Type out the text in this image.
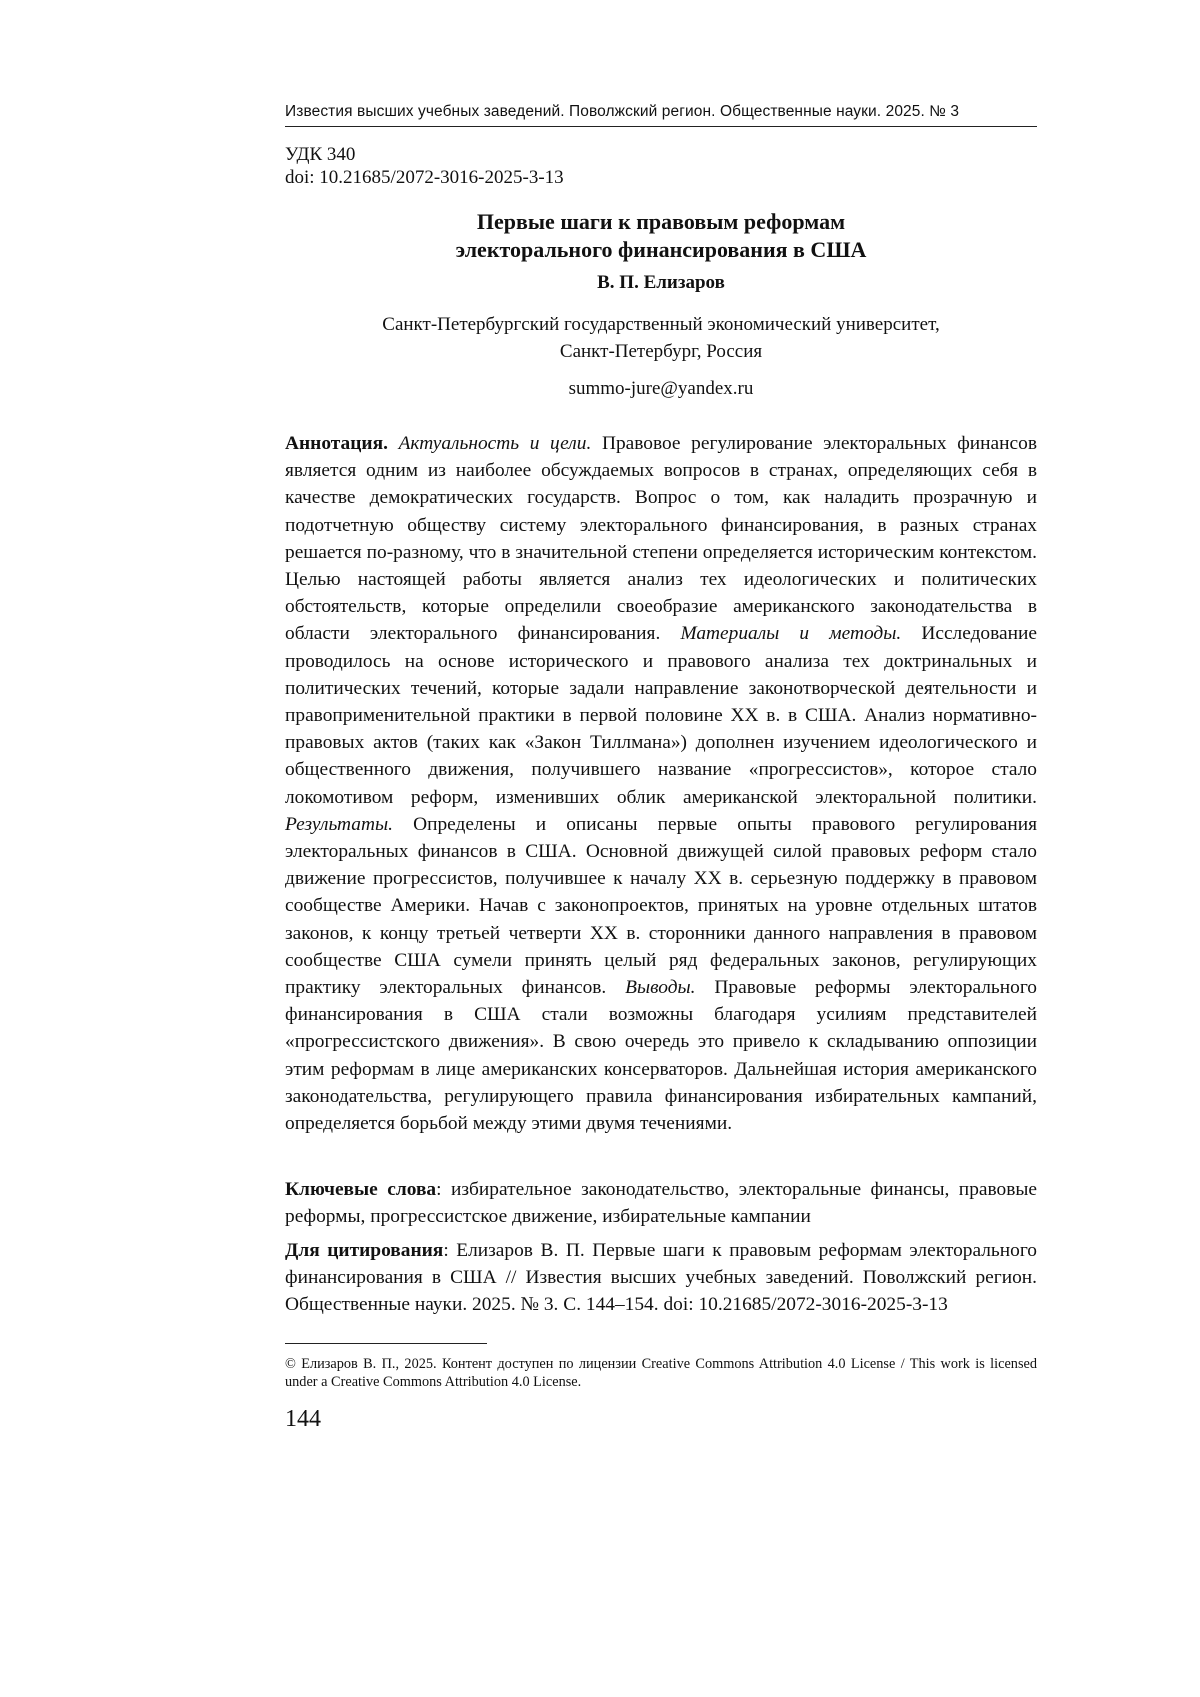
Известия высших учебных заведений. Поволжский регион. Общественные науки. 2025. № 3
УДК 340
doi: 10.21685/2072-3016-2025-3-13
Первые шаги к правовым реформам
электорального финансирования в США
В. П. Елизаров
Санкт-Петербургский государственный экономический университет,
Санкт-Петербург, Россия
summo-jure@yandex.ru
Аннотация. Актуальность и цели. Правовое регулирование электоральных финансов является одним из наиболее обсуждаемых вопросов в странах, определяющих себя в качестве демократических государств. Вопрос о том, как наладить прозрачную и подотчетную обществу систему электорального финансирования, в разных странах решается по-разному, что в значительной степени определяется историческим контекстом. Целью настоящей работы является анализ тех идеологических и политических обстоятельств, которые определили своеобразие американского законодательства в области электорального финансирования. Материалы и методы. Исследование проводилось на основе исторического и правового анализа тех доктринальных и политических течений, которые задали направление законотворческой деятельности и правоприменительной практики в первой половине XX в. в США. Анализ нормативно-правовых актов (таких как «Закон Тиллмана») дополнен изучением идеологического и общественного движения, получившего название «прогрессистов», которое стало локомотивом реформ, изменивших облик американской электоральной политики. Результаты. Определены и описаны первые опыты правового регулирования электоральных финансов в США. Основной движущей силой правовых реформ стало движение прогрессистов, получившее к началу XX в. серьезную поддержку в правовом сообществе Америки. Начав с законопроектов, принятых на уровне отдельных штатов законов, к концу третьей четверти XX в. сторонники данного направления в правовом сообществе США сумели принять целый ряд федеральных законов, регулирующих практику электоральных финансов. Выводы. Правовые реформы электорального финансирования в США стали возможны благодаря усилиям представителей «прогрессистского движения». В свою очередь это привело к складыванию оппозиции этим реформам в лице американских консерваторов. Дальнейшая история американского законодательства, регулирующего правила финансирования избирательных кампаний, определяется борьбой между этими двумя течениями.
Ключевые слова: избирательное законодательство, электоральные финансы, правовые реформы, прогрессистское движение, избирательные кампании
Для цитирования: Елизаров В. П. Первые шаги к правовым реформам электорального финансирования в США // Известия высших учебных заведений. Поволжский регион. Общественные науки. 2025. № 3. С. 144–154. doi: 10.21685/2072-3016-2025-3-13
© Елизаров В. П., 2025. Контент доступен по лицензии Creative Commons Attribution 4.0 License / This work is licensed under a Creative Commons Attribution 4.0 License.
144
